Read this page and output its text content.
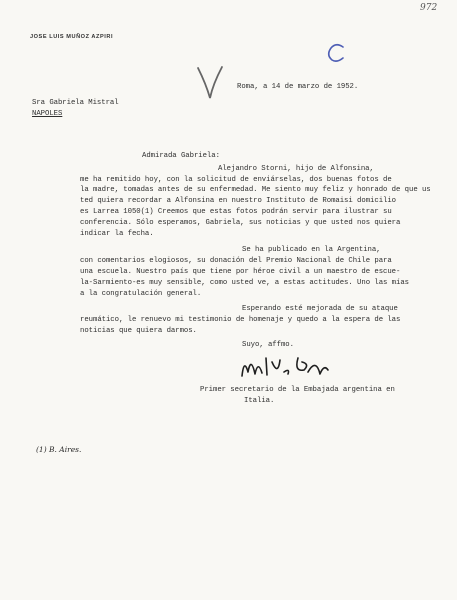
972
JOSE LUIS MUÑOZ AZPIRI
Roma, a 14 de marzo de 1952.
Sra Gabriela Mistral
NAPOLES
Admirada Gabriela:
Alejandro Storni, hijo de Alfonsina,
me ha remitido hoy, con la solicitud de enviárselas, dos buenas fotos de
la madre, tomadas antes de su enfermedad. Me siento muy feliz y honrado de que us
ted quiera recordar a Alfonsina en nuestro Instituto de Romaisi domicilio
es Larrea 1050(1) Creemos que estas fotos podrán servir para ilustrar su
conferencia. Sólo esperamos, Gabriela, sus noticias y que usted nos quiera
indicar la fecha.
Se ha publicado en la Argentina,
con comentarios elogiosos, su donación del Premio Nacional de Chile para
una escuela. Nuestro país que tiene por héroe civil a un maestro de escue-
la-Sarmiento-es muy sensible, como usted ve, a estas actitudes. Uno las mías
a la congratulación general.
Esperando esté mejorada de su ataque
reumático, le renuevo mi testimonio de homenaje y quedo a la espera de las
noticias que quiera darmos.
Suyo, affmo.
(1) B. Aires.
Primer secretario de la Embajada argentina en
Italia.
